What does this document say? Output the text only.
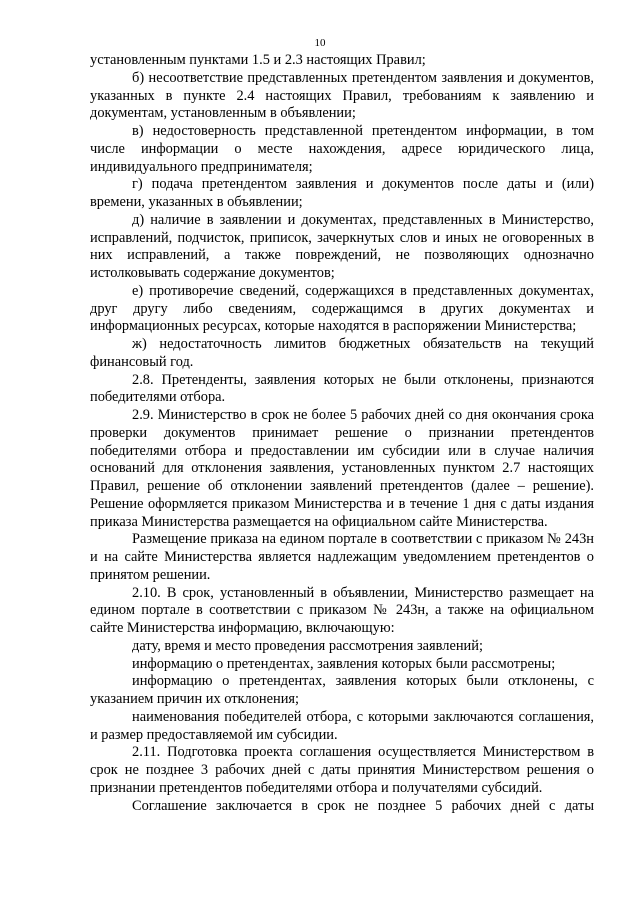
10

установленным пунктами 1.5 и 2.3 настоящих Правил;

б) несоответствие представленных претендентом заявления и документов, указанных в пункте 2.4 настоящих Правил, требованиям к заявлению и документам, установленным в объявлении;

в) недостоверность представленной претендентом информации, в том числе информации о месте нахождения, адресе юридического лица, индивидуального предпринимателя;

г) подача претендентом заявления и документов после даты и (или) времени, указанных в объявлении;

д) наличие в заявлении и документах, представленных в Министерство, исправлений, подчисток, приписок, зачеркнутых слов и иных не оговоренных в них исправлений, а также повреждений, не позволяющих однозначно истолковывать содержание документов;

е) противоречие сведений, содержащихся в представленных документах, друг другу либо сведениям, содержащимся в других документах и информационных ресурсах, которые находятся в распоряжении Министерства;

ж) недостаточность лимитов бюджетных обязательств на текущий финансовый год.

2.8. Претенденты, заявления которых не были отклонены, признаются победителями отбора.

2.9. Министерство в срок не более 5 рабочих дней со дня окончания срока проверки документов принимает решение о признании претендентов победителями отбора и предоставлении им субсидии или в случае наличия оснований для отклонения заявления, установленных пунктом 2.7 настоящих Правил, решение об отклонении заявлений претендентов (далее – решение). Решение оформляется приказом Министерства и в течение 1 дня с даты издания приказа Министерства размещается на официальном сайте Министерства.

Размещение приказа на едином портале в соответствии с приказом № 243н и на сайте Министерства является надлежащим уведомлением претендентов о принятом решении.

2.10. В срок, установленный в объявлении, Министерство размещает на едином портале в соответствии с приказом № 243н, а также на официальном сайте Министерства информацию, включающую:

дату, время и место проведения рассмотрения заявлений;

информацию о претендентах, заявления которых были рассмотрены;

информацию о претендентах, заявления которых были отклонены, с указанием причин их отклонения;

наименования победителей отбора, с которыми заключаются соглашения, и размер предоставляемой им субсидии.

2.11. Подготовка проекта соглашения осуществляется Министерством в срок не позднее 3 рабочих дней с даты принятия Министерством решения о признании претендентов победителями отбора и получателями субсидий.

Соглашение заключается в срок не позднее 5 рабочих дней с даты
